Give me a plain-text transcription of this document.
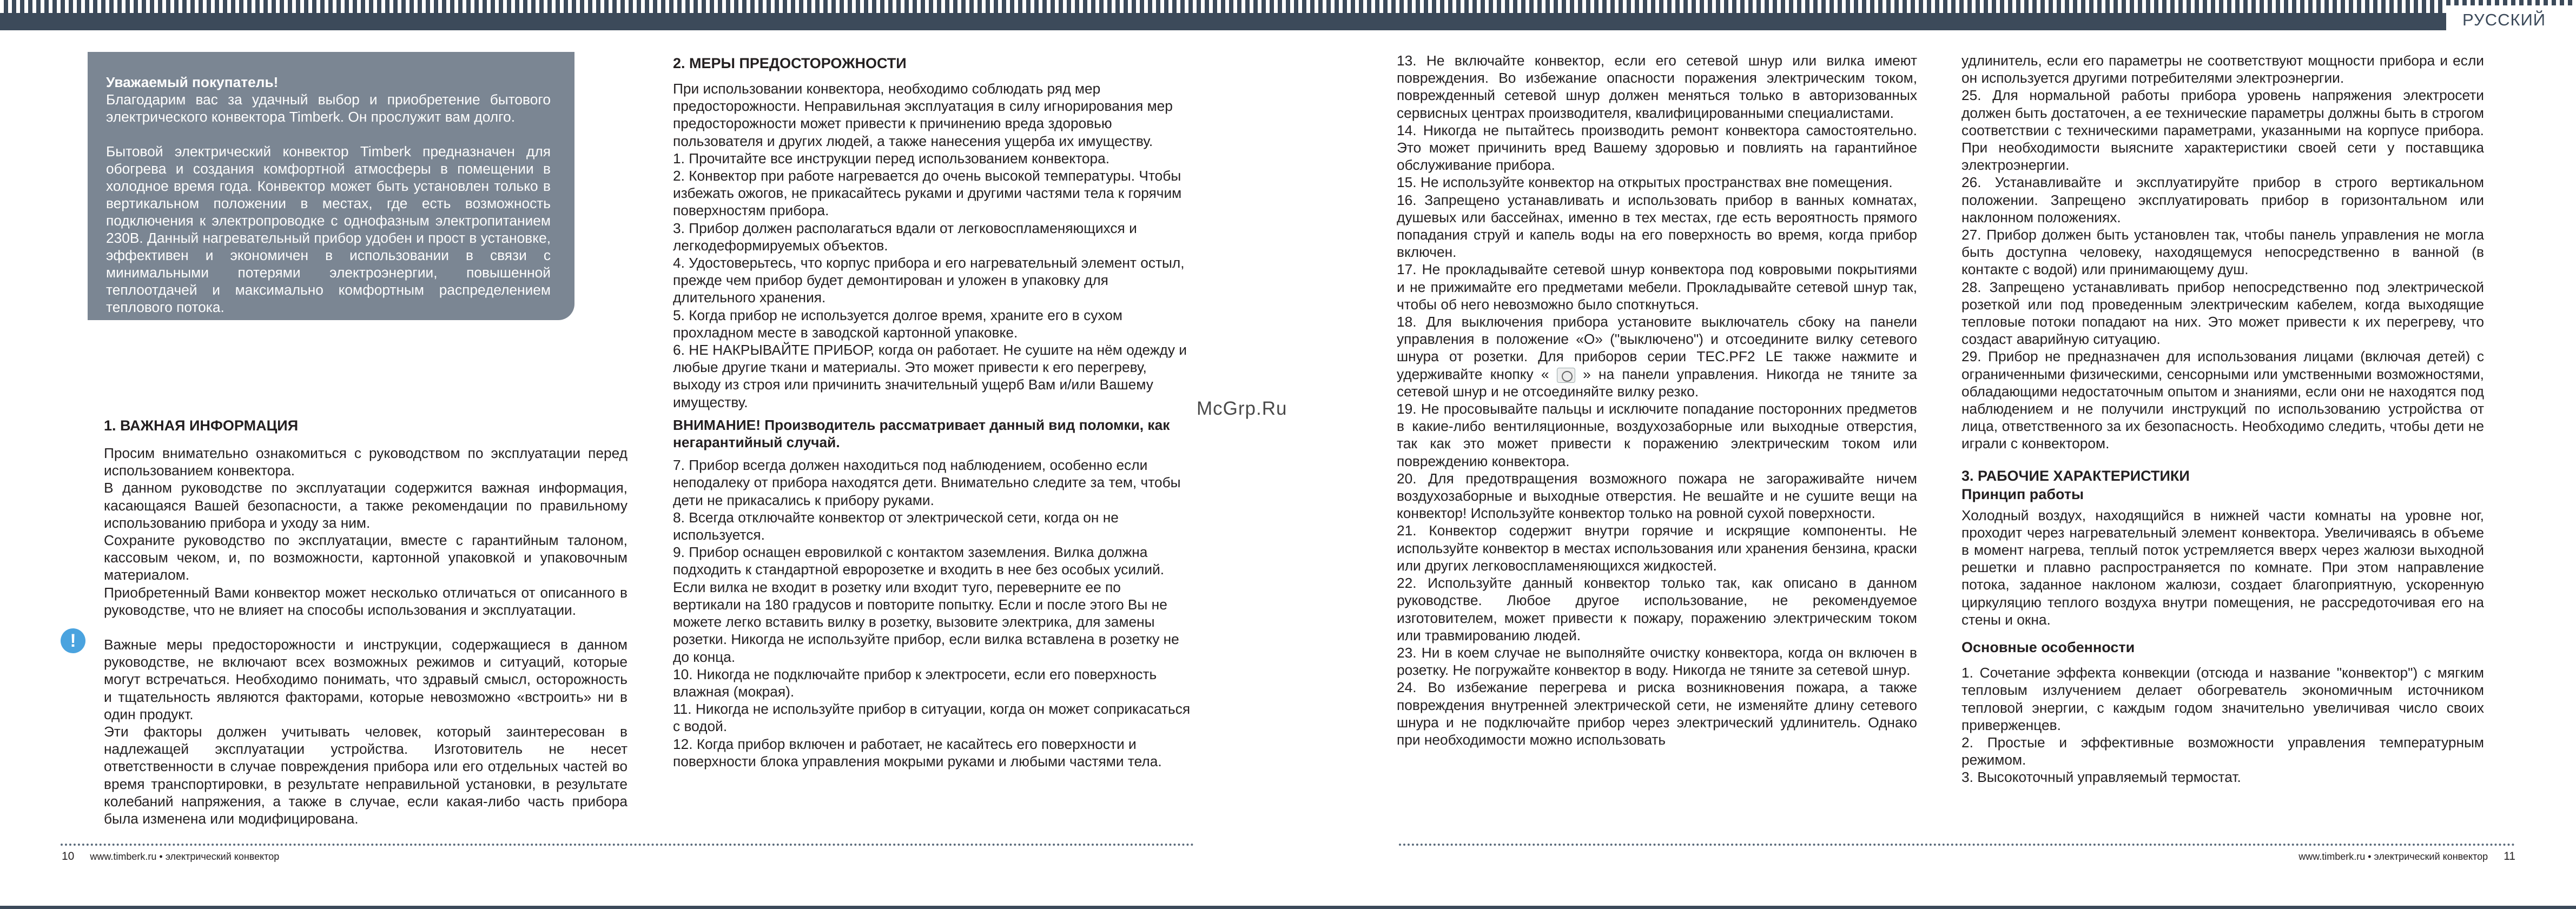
РУССКИЙ

Уважаемый покупатель!

Благодарим вас за удачный выбор и приобретение бытового электрического конвектора Timberk. Он прослужит вам долго.

Бытовой электрический конвектор Timberk предназначен для обогрева и создания комфортной атмосферы в помещении в холодное время года. Конвектор может быть установлен только в вертикальном положении в местах, где есть возможность подключения к электропроводке с однофазным электропитанием 230В. Данный нагревательный прибор удобен и прост в установке, эффективен и экономичен в использовании в связи с минимальными потерями электроэнергии, повышенной теплоотдачей и максимально комфортным распределением теплового потока.

1. ВАЖНАЯ ИНФОРМАЦИЯ

Просим внимательно ознакомиться с руководством по эксплуатации перед использованием конвектора.

В данном руководстве по эксплуатации содержится важная информация, касающаяся Вашей безопасности, а также рекомендации по правильному использованию прибора и уходу за ним.

Сохраните руководство по эксплуатации, вместе с гарантийным талоном, кассовым чеком, и, по возможности, картонной упаковкой и упаковочным материалом.

Приобретенный Вами конвектор может несколько отличаться от описанного в руководстве, что не влияет на способы использования и эксплуатации.

Важные меры предосторожности и инструкции, содержащиеся в данном руководстве, не включают всех возможных режимов и ситуаций, которые могут встречаться. Необходимо понимать, что здравый смысл, осторожность и тщательность являются факторами, которые невозможно «встроить» ни в один продукт.

Эти факторы должен учитывать человек, который заинтересован в надлежащей эксплуатации устройства. Изготовитель не несет ответственности в случае повреждения прибора или его отдельных частей во время транспортировки, в результате неправильной установки, в результате колебаний напряжения, а также в случае, если какая-либо часть прибора была изменена или модифицирована.

!

2. МЕРЫ ПРЕДОСТОРОЖНОСТИ

При использовании конвектора, необходимо соблюдать ряд мер предосторожности. Неправильная эксплуатация в силу игнорирования мер предосторожности может привести к причинению вреда здоровью пользователя и других людей, а также нанесения ущерба их имуществу.

1. Прочитайте все инструкции перед использованием конвектора.

2. Конвектор при работе нагревается до очень высокой температуры. Чтобы избежать ожогов, не прикасайтесь руками и другими частями тела к горячим поверхностям прибора.

3. Прибор должен располагаться вдали от легковоспламеняющихся и легкодеформируемых объектов.

4. Удостоверьтесь, что корпус прибора и его нагревательный элемент остыл, прежде чем прибор будет демонтирован и уложен в упаковку для длительного хранения.

5. Когда прибор не используется долгое время, храните его в сухом прохладном месте в заводской картонной упаковке.

6. НЕ НАКРЫВАЙТЕ ПРИБОР, когда он работает. Не сушите на нём одежду и любые другие ткани и материалы. Это может привести к его перегреву, выходу из строя или причинить значительный ущерб Вам и/или Вашему имуществу.

ВНИМАНИЕ! Производитель рассматривает данный вид поломки, как негарантийный случай.

7. Прибор всегда должен находиться под наблюдением, особенно если неподалеку от прибора находятся дети. Внимательно следите за тем, чтобы дети не прикасались к прибору руками.

8. Всегда отключайте конвектор от электрической сети, когда он не используется.

9. Прибор оснащен евровилкой с контактом заземления. Вилка должна подходить к стандартной евророзетке и входить в нее без особых усилий. Если вилка не входит в розетку или входит туго, переверните ее по вертикали на 180 градусов и повторите попытку. Если и после этого Вы не можете легко вставить вилку в розетку, вызовите электрика, для замены розетки. Никогда не используйте прибор, если вилка вставлена в розетку не до конца.

10. Никогда не подключайте прибор к электросети, если его поверхность влажная (мокрая).

11. Никогда не используйте прибор в ситуации, когда он может соприкасаться с водой.

12. Когда прибор включен и работает, не касайтесь его поверхности и поверхности блока управления мокрыми руками и любыми частями тела.

McGrp.Ru

13. Не включайте конвектор, если его сетевой шнур или вилка имеют повреждения. Во избежание опасности поражения электрическим током, поврежденный сетевой шнур должен меняться только в авторизованных сервисных центрах производителя, квалифицированными специалистами.

14. Никогда не пытайтесь производить ремонт конвектора самостоятельно. Это может причинить вред Вашему здоровью и повлиять на гарантийное обслуживание прибора.

15. Не используйте конвектор на открытых пространствах вне помещения.

16. Запрещено устанавливать и использовать прибор в ванных комнатах, душевых или бассейнах, именно в тех местах, где есть вероятность прямого попадания струй и капель воды на его поверхность во время, когда прибор включен.

17. Не прокладывайте сетевой шнур конвектора под ковровыми покрытиями и не прижимайте его предметами мебели. Прокладывайте сетевой шнур так, чтобы об него невозможно было споткнуться.

18. Для выключения прибора установите выключатель сбоку на панели управления в положение «O» ("выключено") и отсоедините вилку сетевого шнура от розетки. Для приборов серии TEC.PF2 LE также нажмите и удерживайте кнопку «  » на панели управления. Никогда не тяните за сетевой шнур и не отсоединяйте вилку резко.

19. Не просовывайте пальцы и исключите попадание посторонних предметов в какие-либо вентиляционные, воздухозаборные или выходные отверстия, так как это может привести к поражению электрическим током или повреждению конвектора.

20. Для предотвращения возможного пожара не загораживайте ничем воздухозаборные и выходные отверстия. Не вешайте и не сушите вещи на конвектор! Используйте конвектор только на ровной сухой поверхности.

21. Конвектор содержит внутри горячие и искрящие компоненты. Не используйте конвектор в местах использования или хранения бензина, краски или других легковоспламеняющихся жидкостей.

22. Используйте данный конвектор только так, как описано в данном руководстве. Любое другое использование, не рекомендуемое изготовителем, может привести к пожару, поражению электрическим током или травмированию людей.

23. Ни в коем случае не выполняйте очистку конвектора, когда он включен в розетку. Не погружайте конвектор в воду. Никогда не тяните за сетевой шнур.

24. Во избежание перегрева и риска возникновения пожара, а также повреждения внутренней электрической сети, не изменяйте длину сетевого шнура и не подключайте прибор через электрический удлинитель. Однако при необходимости можно использовать

удлинитель, если его параметры не соответствуют мощности прибора и если он используется другими потребителями электроэнергии.

25. Для нормальной работы прибора уровень напряжения электросети должен быть достаточен, а ее технические параметры должны быть в строгом соответствии с техническими параметрами, указанными на корпусе прибора. При необходимости выясните характеристики своей сети у поставщика электроэнергии.

26. Устанавливайте и эксплуатируйте прибор в строго вертикальном положении. Запрещено эксплуатировать прибор в горизонтальном или наклонном положениях.

27. Прибор должен быть установлен так, чтобы панель управления не могла быть доступна человеку, находящемуся непосредственно в ванной (в контакте с водой) или принимающему душ.

28. Запрещено устанавливать прибор непосредственно под электрической розеткой или под проведенным электрическим кабелем, когда выходящие тепловые потоки попадают на них. Это может привести к их перегреву, что создаст аварийную ситуацию.

29. Прибор не предназначен для использования лицами (включая детей) с ограниченными физическими, сенсорными или умственными возможностями, обладающими недостаточным опытом и знаниями, если они не находятся под наблюдением и не получили инструкций по использованию устройства от лица, ответственного за их безопасность. Необходимо следить, чтобы дети не играли с конвектором.

3. РАБОЧИЕ ХАРАКТЕРИСТИКИ

Принцип работы

Холодный воздух, находящийся в нижней части комнаты на уровне ног, проходит через нагревательный элемент конвектора. Увеличиваясь в объеме в момент нагрева, теплый поток устремляется вверх через жалюзи выходной решетки и плавно распространяется по комнате. При этом направление потока, заданное наклоном жалюзи, создает благоприятную, ускоренную циркуляцию теплого воздуха внутри помещения, не рассредоточивая его на стены и окна.

Основные особенности

1. Сочетание эффекта конвекции (отсюда и название "конвектор") с мягким тепловым излучением делает обогреватель экономичным источником тепловой энергии, с каждым годом значительно увеличивая число своих приверженцев.

2. Простые и эффективные возможности управления температурным режимом.

3. Высокоточный управляемый термостат.

10 www.timberk.ru • электрический конвектор	www.timberk.ru • электрический конвектор 11
